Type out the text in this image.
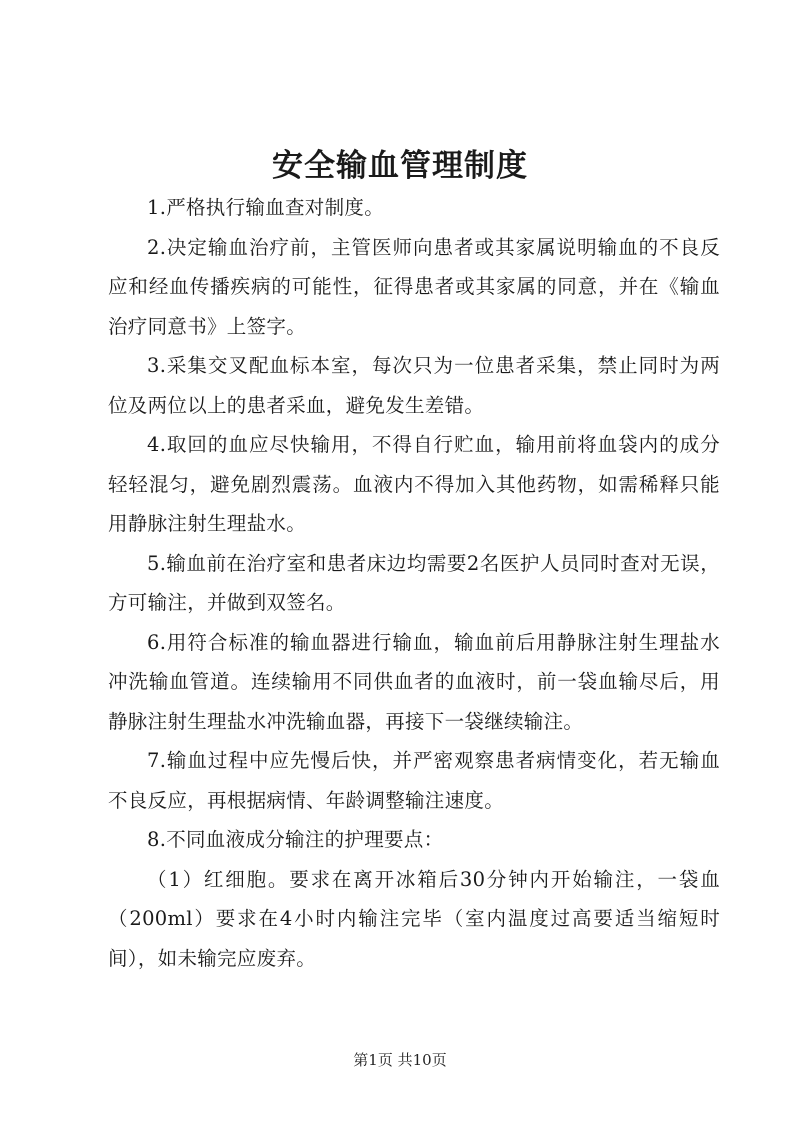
安全输血管理制度

1.严格执行输血查对制度。

2.决定输血治疗前，主管医师向患者或其家属说明输血的不良反应和经血传播疾病的可能性，征得患者或其家属的同意，并在《输血治疗同意书》上签字。

3.采集交叉配血标本室，每次只为一位患者采集，禁止同时为两位及两位以上的患者采血，避免发生差错。

4.取回的血应尽快输用，不得自行贮血，输用前将血袋内的成分轻轻混匀，避免剧烈震荡。血液内不得加入其他药物，如需稀释只能用静脉注射生理盐水。

5.输血前在治疗室和患者床边均需要2名医护人员同时查对无误，方可输注，并做到双签名。

6.用符合标准的输血器进行输血，输血前后用静脉注射生理盐水冲洗输血管道。连续输用不同供血者的血液时，前一袋血输尽后，用静脉注射生理盐水冲洗输血器，再接下一袋继续输注。

7.输血过程中应先慢后快，并严密观察患者病情变化，若无输血不良反应，再根据病情、年龄调整输注速度。

8.不同血液成分输注的护理要点：

（1）红细胞。要求在离开冰箱后30分钟内开始输注，一袋血（200ml）要求在4小时内输注完毕（室内温度过高要适当缩短时间），如未输完应废弃。

第1页 共10页
